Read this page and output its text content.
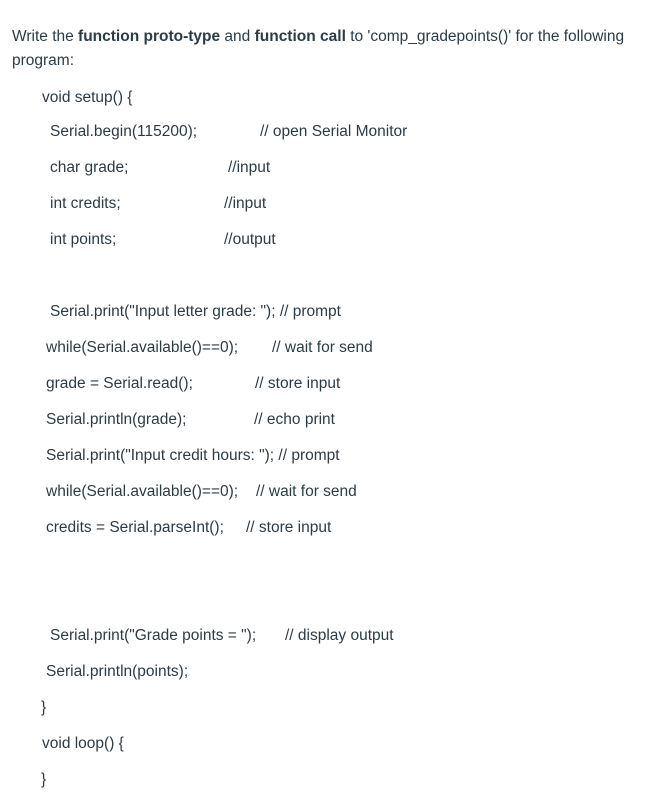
Write the function proto-type and function call to 'comp_gradepoints()' for the following program:
void setup() {
Serial.begin(115200);	// open Serial Monitor
char grade;	//input
int credits;	//input
int points;	//output
Serial.print("Input letter grade: "); // prompt
while(Serial.available()==0); // wait for send
grade = Serial.read();	// store input
Serial.println(grade);	// echo print
Serial.print("Input credit hours: "); // prompt
while(Serial.available()==0); // wait for send
credits = Serial.parseInt(); // store input
Serial.print("Grade points = "); // display output
Serial.println(points);
}
void loop() {
}
